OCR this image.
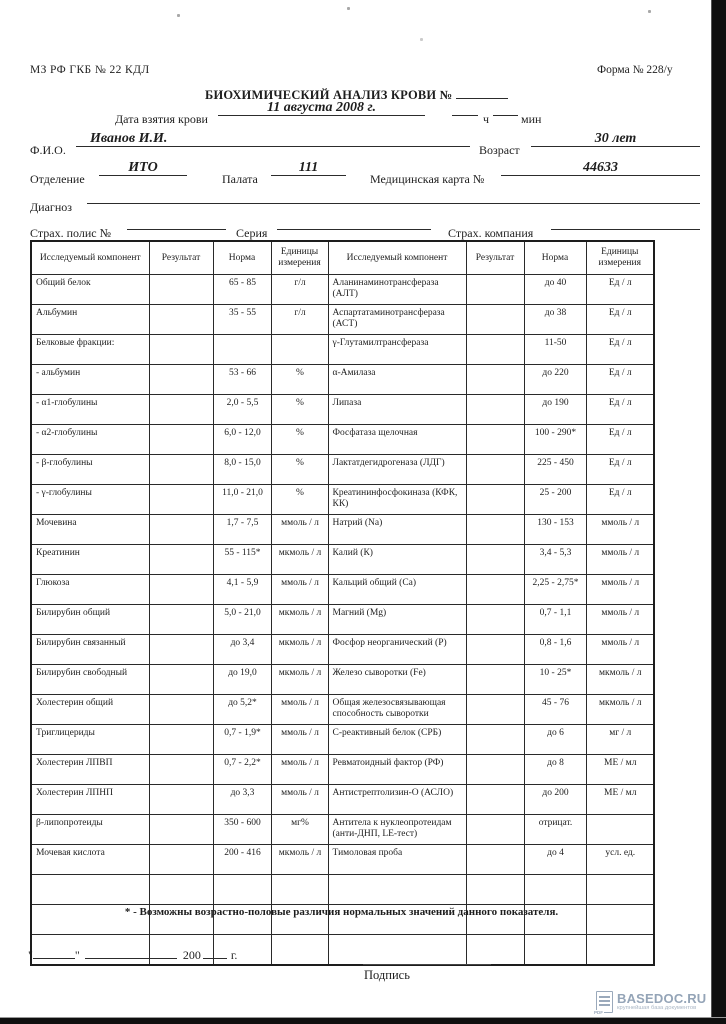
МЗ РФ ГКБ № 22 КДЛ	Форма № 228/у
БИОХИМИЧЕСКИЙ АНАЛИЗ КРОВИ №
Дата взятия крови
11 августа 2008 г.
ч	мин
Ф.И.О.
Иванов И.И.
Возраст
30 лет
Отделение
ИТО
Палата
111
Медицинская карта №
44633
Диагноз
Страх. полис №	Серия	Страх. компания
Исследуемый компонент	Результат	Норма	Единицы измерения	Исследуемый компонент	Результат	Норма	Единицы измерения
Общий белок		65 - 85	г/л	Аланинаминотрансфераза (АЛТ)		до 40	Ед / л
Альбумин		35 - 55	г/л	Аспартатаминотрансфераза (АСТ)		до 38	Ед / л
Белковые фракции:				γ-Глутамилтрансфераза		11-50	Ед / л
- альбумин		53 - 66	%	α-Амилаза		до 220	Ед / л
- α1-глобулины		2,0 - 5,5	%	Липаза		до 190	Ед / л
- α2-глобулины		6,0 - 12,0	%	Фосфатаза щелочная		100 - 290*	Ед / л
- β-глобулины		8,0 - 15,0	%	Лактатдегидрогеназа (ЛДГ)		225 - 450	Ед / л
- γ-глобулины		11,0 - 21,0	%	Креатининфосфокиназа (КФК, КК)		25 - 200	Ед / л
Мочевина		1,7 - 7,5	ммоль / л	Натрий (Na)		130 - 153	ммоль / л
Креатинин		55 - 115*	мкмоль / л	Калий (К)		3,4 - 5,3	ммоль / л
Глюкоза		4,1 - 5,9	ммоль / л	Кальций общий (Ca)		2,25 - 2,75*	ммоль / л
Билирубин общий		5,0 - 21,0	мкмоль / л	Магний (Mg)		0,7 - 1,1	ммоль / л
Билирубин связанный		до 3,4	мкмоль / л	Фосфор неорганический (Р)		0,8 - 1,6	ммоль / л
Билирубин свободный		до 19,0	мкмоль / л	Железо сыворотки (Fe)		10 - 25*	мкмоль / л
Холестерин общий		до 5,2*	ммоль / л	Общая железосвязывающая способность сыворотки		45 - 76	мкмоль / л
Триглицериды		0,7 - 1,9*	ммоль / л	С-реактивный белок (СРБ)		до 6	мг / л
Холестерин ЛПВП		0,7 - 2,2*	ммоль / л	Ревматоидный фактор (РФ)		до 8	МЕ / мл
Холестерин ЛПНП		до 3,3	ммоль / л	Антистрептолизин-О (АСЛО)		до 200	МЕ / мл
β-липопротеиды		350 - 600	мг%	Антитела к нуклеопротеидам (анти-ДНП, LE-тест)		отрицат.	
Мочевая кислота		200 - 416	мкмоль / л	Тимоловая проба		до 4	усл. ед.

* - Возможны возрастно-половые различия нормальных значений данного показателя.
"	"	200	г.
Подпись
PDF
BASEDOC.RU
крупнейшая база документов
